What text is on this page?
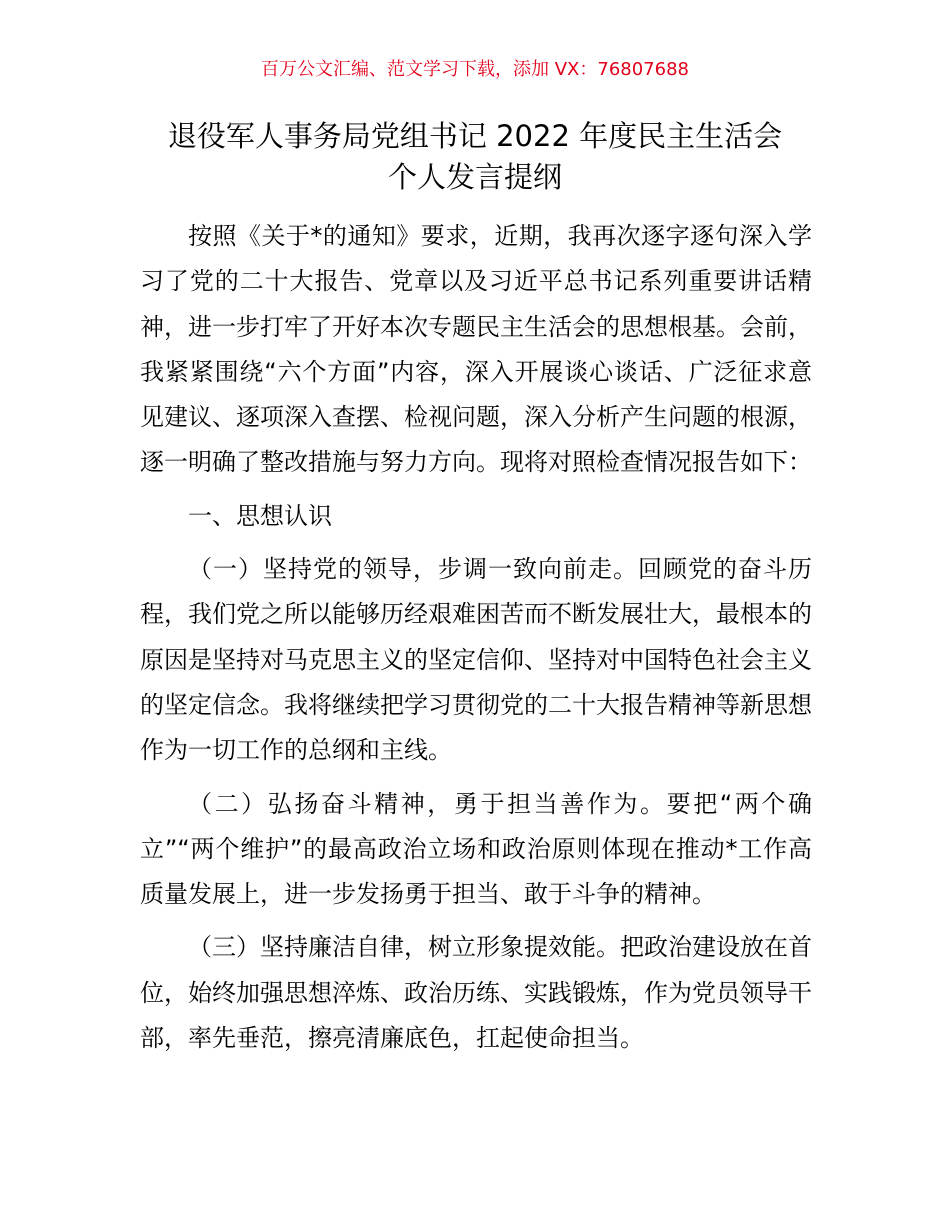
百万公文汇编、范文学习下载，添加 VX：76807688
退役军人事务局党组书记 2022 年度民主生活会
个人发言提纲

按照《关于*的通知》要求，近期，我再次逐字逐句深入学习了党的二十大报告、党章以及习近平总书记系列重要讲话精神，进一步打牢了开好本次专题民主生活会的思想根基。会前，我紧紧围绕“六个方面”内容，深入开展谈心谈话、广泛征求意见建议、逐项深入查摆、检视问题，深入分析产生问题的根源，逐一明确了整改措施与努力方向。现将对照检查情况报告如下：

一、思想认识

（一）坚持党的领导，步调一致向前走。回顾党的奋斗历程，我们党之所以能够历经艰难困苦而不断发展壮大，最根本的原因是坚持对马克思主义的坚定信仰、坚持对中国特色社会主义的坚定信念。我将继续把学习贯彻党的二十大报告精神等新思想作为一切工作的总纲和主线。

（二）弘扬奋斗精神，勇于担当善作为。要把“两个确立”“两个维护”的最高政治立场和政治原则体现在推动*工作高质量发展上，进一步发扬勇于担当、敢于斗争的精神。

（三）坚持廉洁自律，树立形象提效能。把政治建设放在首位，始终加强思想淬炼、政治历练、实践锻炼，作为党员领导干部，率先垂范，擦亮清廉底色，扛起使命担当。
